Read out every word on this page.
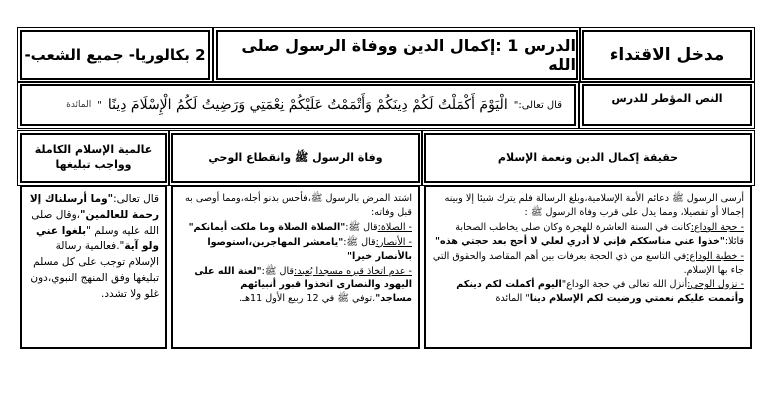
مدخل الاقتداء
الدرس 1 :إكمال الدين ووفاة الرسول صلى الله
2 بكالوريا- جميع الشعب-
النص المؤطر للدرس
قال تعالى:"
الْيَوْمَ أَكْمَلْتُ لَكُمْ دِينَكُمْ وَأَتْمَمْتُ عَلَيْكُمْ نِعْمَتِي وَرَضِيتُ لَكُمُ الْإِسْلَامَ دِينًا
"
المائدة
حقيقة إكمال الدين ونعمة الإسلام
وفاة الرسول ﷺ وانقطاع الوحي
عالمية الإسلام الكاملة وواجب تبليغها

أرسى الرسول ﷺ دعائم الأمة الإسلامية،وبلغ الرسالة فلم يترك شيئا إلا وبينه إجمالا أو تفصيلا، ومما يدل على قرب وفاة الرسول ﷺ :

- حجة الوداع:كانت في السنة العاشرة للهجرة وكان صلى يخاطب الصحابة قائلا:"خذوا عني مناسككم فإني لا أدري لعلي لا أحج بعد حجتي هذه"

- خطبة الوداع:في التاسع من ذي الحجة بعرفات بين أهم المقاصد والحقوق التي جاء بها الإسلام.

- نزول الوحي:أنزل الله تعالى في حجة الوداع"اليوم أكملت لكم دينكم وأتممت عليكم نعمتي ورضيت لكم الإسلام دينا" المائدة

اشتد المرض بالرسول ﷺ،فأحس بدنو أجله،ومما أوصى به قبل وفاته:

- الصلاة:قال ﷺ:"الصلاة الصلاة وما ملكت أيمانكم"

- الأنصار:قال ﷺ:"يامعشر المهاجرين،استوصوا بالأنصار خيرا"

- عدم اتخاذ قبره مسجدا يُعبد:قال ﷺ:"لعنة الله على اليهود والنصارى اتخذوا قبور أنبيائهم مساجد".توفي ﷺ في 12 ربيع الأول 11هـ.

قال تعالى:"وما أرسلناك إلا رحمة للعالمين"،وقال صلى الله عليه وسلم "بلغوا عني ولو آية".فعالمية رسالة الإسلام توجب على كل مسلم تبليغها وفق المنهج النبوي،دون غلو ولا تشدد.
